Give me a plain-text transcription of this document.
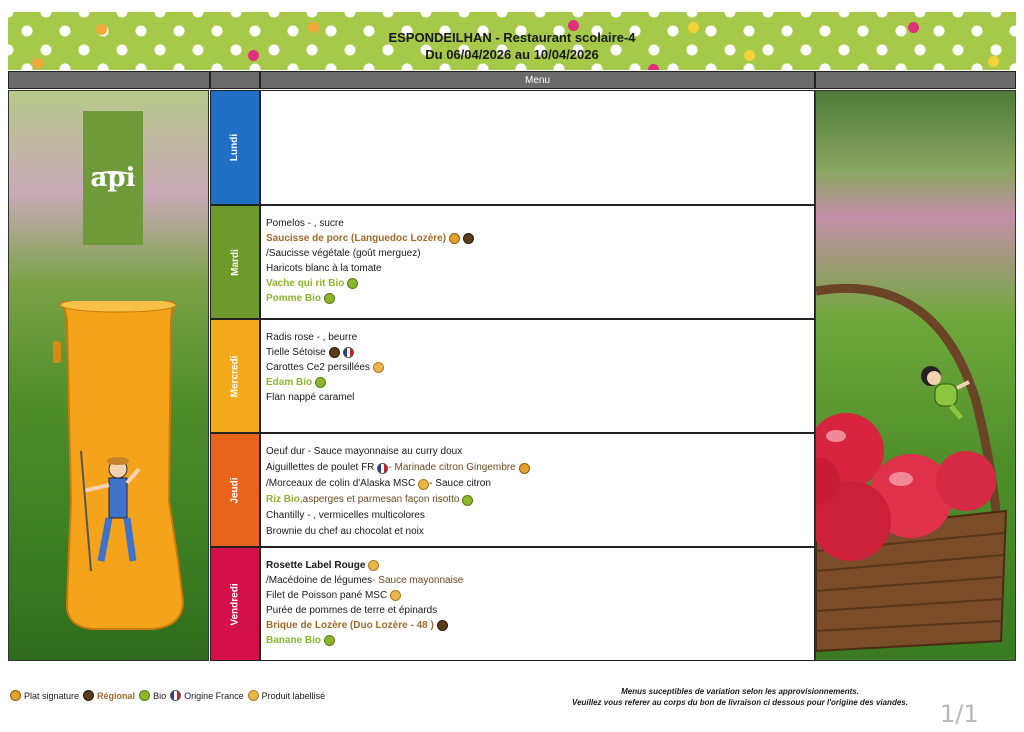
ESPONDEILHAN - Restaurant scolaire-4
Du 06/04/2026 au 10/04/2026
Menu
api
Lundi
Mardi
Pomelos - , sucre
Saucisse de porc (Languedoc Lozère)
/Saucisse végétale (goût merguez)
Haricots blanc à la tomate
Vache qui rit Bio
Pomme Bio
Mercredi
Radis rose - , beurre
Tielle Sétoise
Carottes Ce2 persillées
Edam Bio
Flan nappé caramel
Jeudi
Oeuf dur - Sauce mayonnaise au curry doux
Aiguillettes de poulet FR - Marinade citron Gingembre
/Morceaux de colin d'Alaska MSC - Sauce citron
Riz Bio, asperges et parmesan façon risotto
Chantilly - , vermicelles multicolores
Brownie du chef au chocolat et noix
Vendredi
Rosette Label Rouge
/Macédoine de légumes - Sauce mayonnaise
Filet de Poisson pané MSC
Purée de pommes de terre et épinards
Brique de Lozère (Duo Lozère - 48 )
Banane Bio
Plat signature Régional Bio Origine France Produit labellisé	Menus suceptibles de variation selon les approvisionnements.
Veuillez vous referer au corps du bon de livraison ci dessous pour l'origine des viandes.	1/1
